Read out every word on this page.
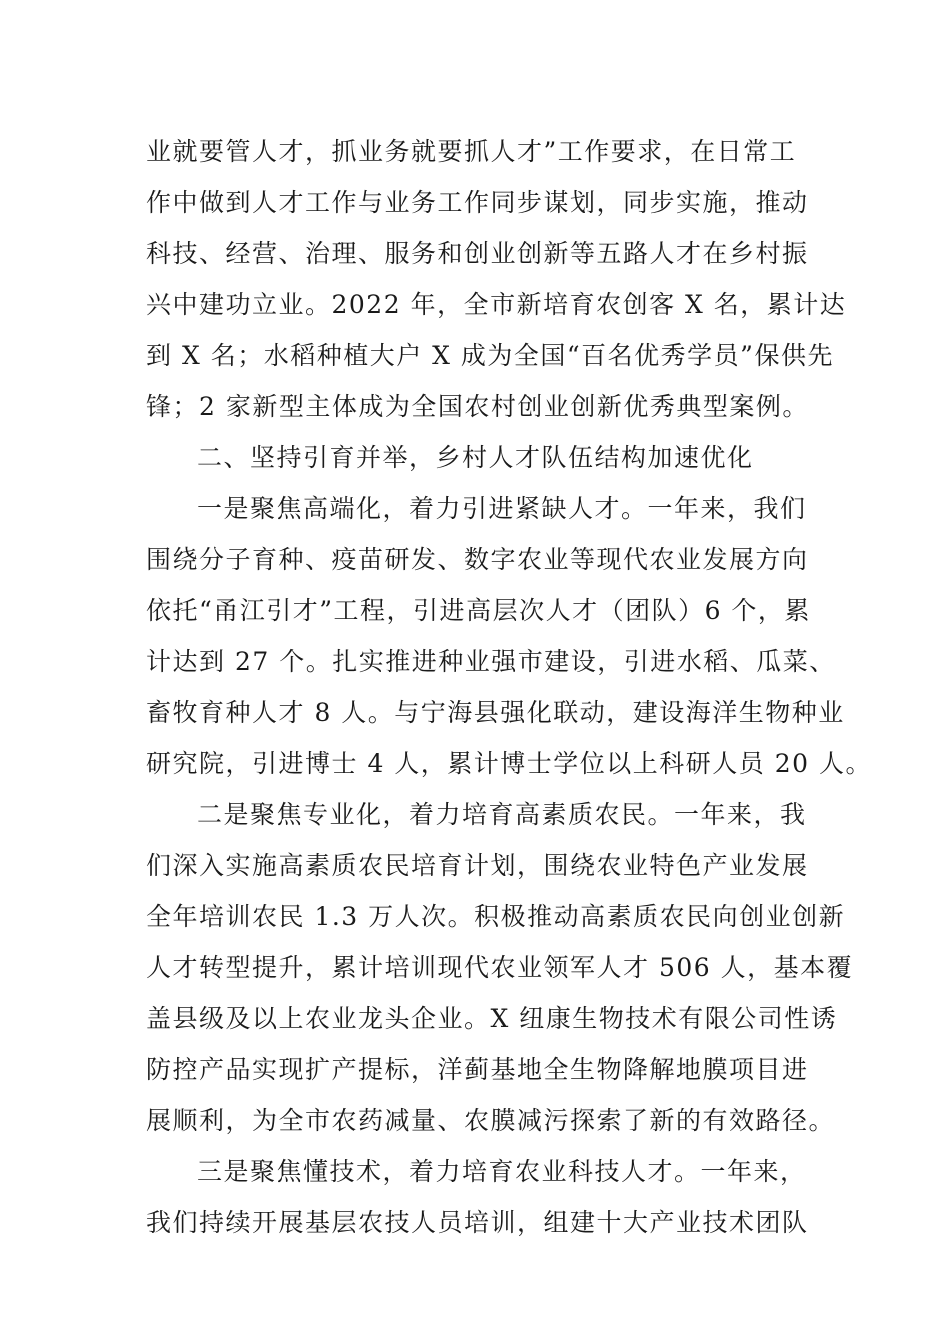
业就要管人才，抓业务就要抓人才”工作要求，在日常工
作中做到人才工作与业务工作同步谋划，同步实施，推动
科技、经营、治理、服务和创业创新等五路人才在乡村振
兴中建功立业。2022 年，全市新培育农创客 X 名，累计达
到 X 名；水稻种植大户 X 成为全国“百名优秀学员”保供先
锋；2 家新型主体成为全国农村创业创新优秀典型案例。
二、坚持引育并举，乡村人才队伍结构加速优化
一是聚焦高端化，着力引进紧缺人才。一年来，我们
围绕分子育种、疫苗研发、数字农业等现代农业发展方向
依托“甬江引才”工程，引进高层次人才（团队）6 个，累
计达到 27 个。扎实推进种业强市建设，引进水稻、瓜菜、
畜牧育种人才 8 人。与宁海县强化联动，建设海洋生物种业
研究院，引进博士 4 人，累计博士学位以上科研人员 20 人。
二是聚焦专业化，着力培育高素质农民。一年来，我
们深入实施高素质农民培育计划，围绕农业特色产业发展
全年培训农民 1.3 万人次。积极推动高素质农民向创业创新
人才转型提升，累计培训现代农业领军人才 506 人，基本覆
盖县级及以上农业龙头企业。X 纽康生物技术有限公司性诱
防控产品实现扩产提标，洋蓟基地全生物降解地膜项目进
展顺利，为全市农药减量、农膜减污探索了新的有效路径。
三是聚焦懂技术，着力培育农业科技人才。一年来，
我们持续开展基层农技人员培训，组建十大产业技术团队
